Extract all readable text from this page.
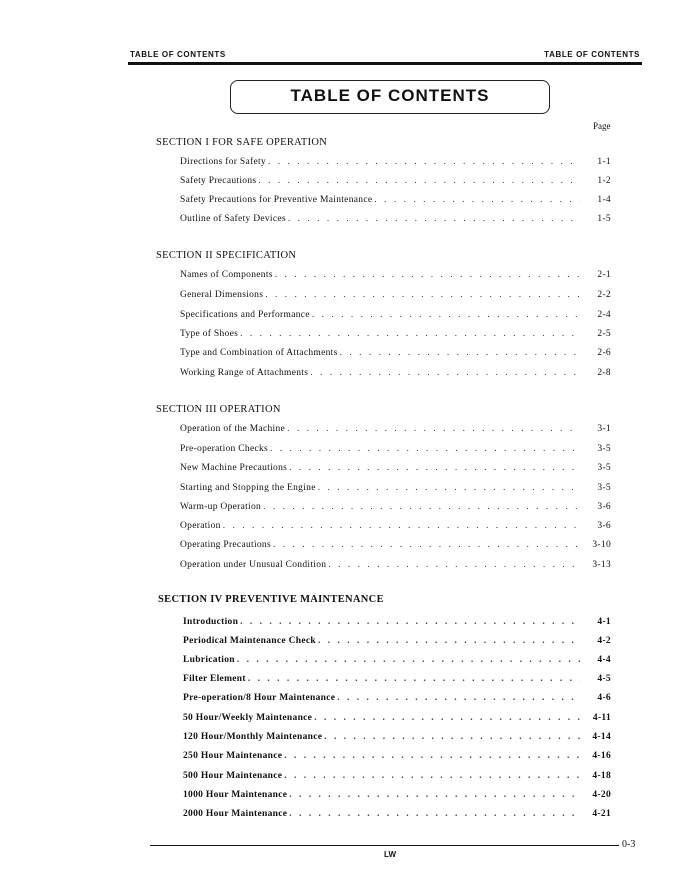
TABLE OF CONTENTS	TABLE OF CONTENTS
TABLE OF CONTENTS
Page
SECTION I FOR SAFE OPERATION
Directions for Safety . . .	1-1
Safety Precautions . . .	1-2
Safety Precautions for Preventive Maintenance . . .	1-4
Outline of Safety Devices . . .	1-5
SECTION II SPECIFICATION
Names of Components . . .	2-1
General Dimensions . . .	2-2
Specifications and Performance . . .	2-4
Type of Shoes . . .	2-5
Type and Combination of Attachments . . .	2-6
Working Range of Attachments . . .	2-8
SECTION III OPERATION
Operation of the Machine . . .	3-1
Pre-operation Checks . . .	3-5
New Machine Precautions . . .	3-5
Starting and Stopping the Engine . . .	3-5
Warm-up Operation . . .	3-6
Operation . . .	3-6
Operating Precautions . . .	3-10
Operation under Unusual Condition . . .	3-13
SECTION IV PREVENTIVE MAINTENANCE
Introduction . . .	4-1
Periodical Maintenance Check . . .	4-2
Lubrication . . .	4-4
Filter Element . . .	4-5
Pre-operation/8 Hour Maintenance . . .	4-6
50 Hour/Weekly Maintenance . . .	4-11
120 Hour/Monthly Maintenance . . .	4-14
250 Hour Maintenance . . .	4-16
500 Hour Maintenance . . .	4-18
1000 Hour Maintenance . . .	4-20
2000 Hour Maintenance . . .	4-21
LW
0-3
